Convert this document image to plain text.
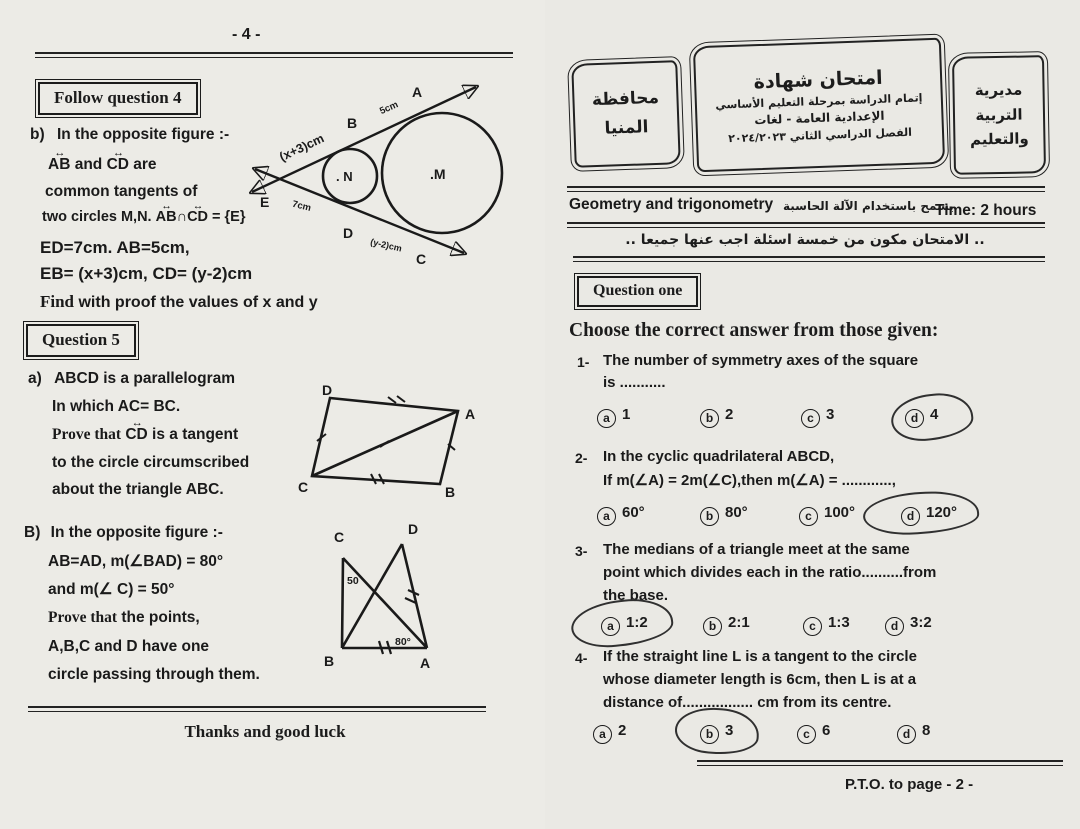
- 4 -
Follow question 4
b) In the opposite figure :-
AB ↔ and CD ↔ are
common tangents of
two circles M,N. AB ↔∩CD ↔ = {E}
ED=7cm. AB=5cm,
EB= (x+3)cm, CD= (y-2)cm
Find with proof the values of x and y
. N	.M
E
B
A
D
C
(x+3)cm
5cm
7cm
(y-2)cm
Question 5
a) ABCD is a parallelogram
In which AC= BC.
Prove that CD ↔ is a tangent
to the circle circumscribed
about the triangle ABC.
D
A
B
C
B) In the opposite figure :-
AB=AD, m(∠BAD) = 80°
and m(∠ C) = 50°
Prove that the points,
A,B,C and D have one
circle passing through them.
50
80°
C	D
B	A
Thanks and good luck
محافظة
المنيا
امتحان شهادة
إتمام الدراسة بمرحلة التعليم الأساسي
الإعدادية العامة - لغات
الفصل الدراسي الثاني ٢٠٢٤/٢٠٢٣
مديرية
التربية
والتعليم
Geometry and trigonometry يسمح باستخدام الآلة الحاسبة
Time: 2 hours
.. الامتحان مكون من خمسة اسئلة اجب عنها جميعا ..
Question one
Choose the correct answer from those given:
1- The number of symmetry axes of the square
is ...........
a 1	b 2	c 3	d 4
2- In the cyclic quadrilateral ABCD,
If m(∠A) = 2m(∠C),then m(∠A) = ............,
a 60°	b 80°	c 100°	d 120°
3- The medians of a triangle meet at the same
point which divides each in the ratio..........from
the base.
a 1:2	b 2:1	c 1:3	d 3:2
4- If the straight line L is a tangent to the circle
whose diameter length is 6cm, then L is at a
distance of................. cm from its centre.
a 2	b 3	c 6	d 8
P.T.O. to page - 2 -
